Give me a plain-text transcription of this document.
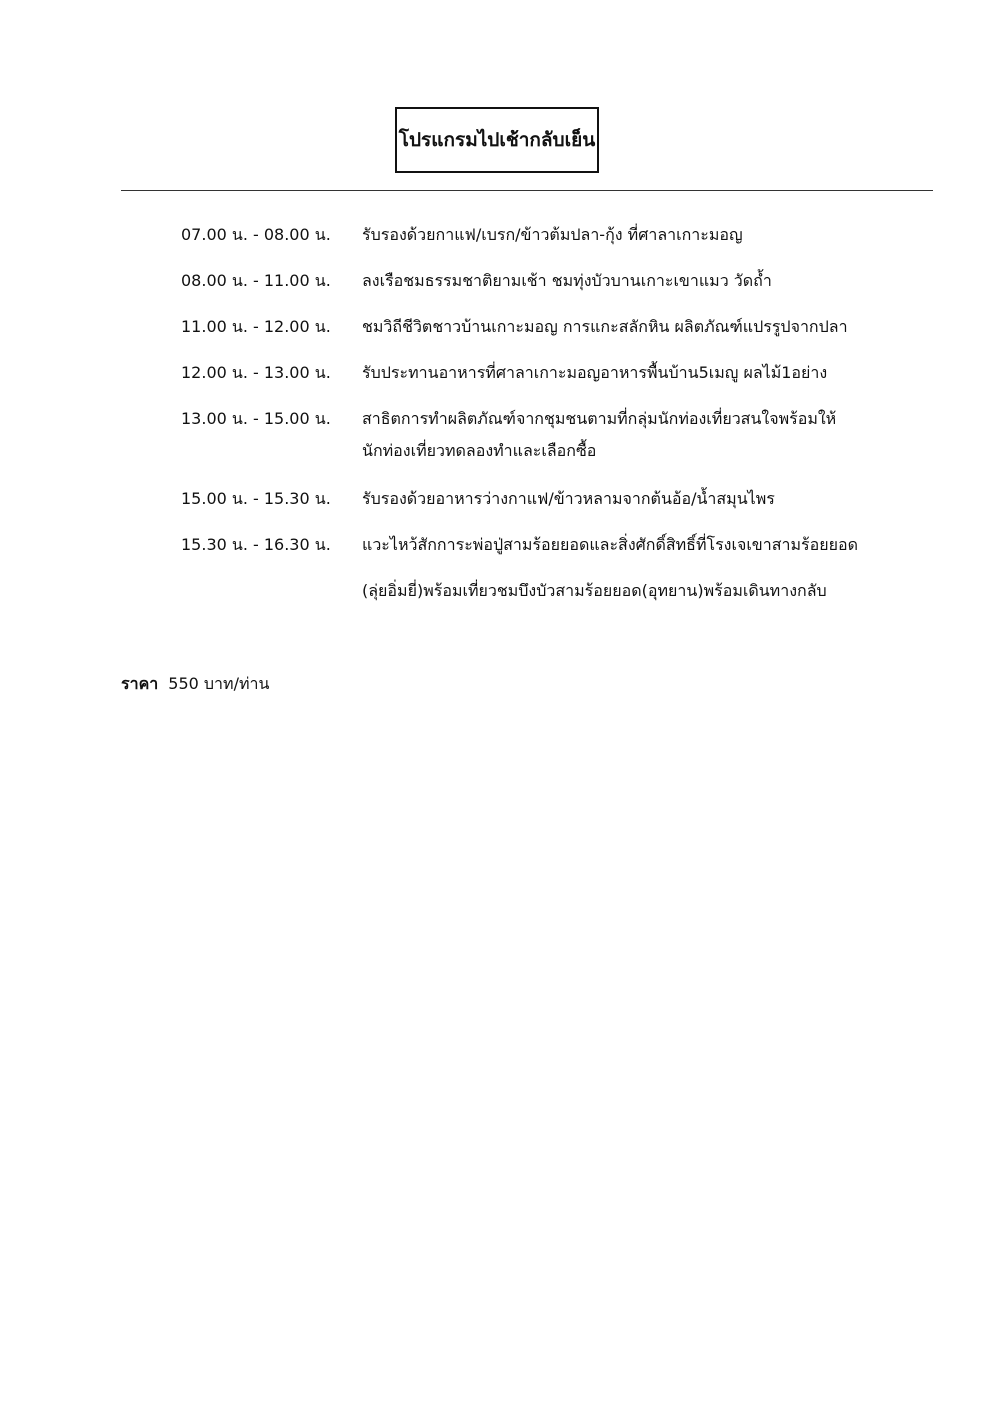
โปรแกรมไปเช้ากลับเย็น
07.00 น. - 08.00 น. รับรองด้วยกาแฟ/เบรก/ข้าวต้มปลา-กุ้ง ที่ศาลาเกาะมอญ
08.00 น. - 11.00 น. ลงเรือชมธรรมชาติยามเช้า ชมทุ่งบัวบานเกาะเขาแมว วัดถ้ำ
11.00 น. - 12.00 น. ชมวิถีชีวิตชาวบ้านเกาะมอญ การแกะสลักหิน ผลิตภัณฑ์แปรรูปจากปลา
12.00 น. - 13.00 น. รับประทานอาหารที่ศาลาเกาะมอญอาหารพื้นบ้าน5เมญู ผลไม้1อย่าง
13.00 น. - 15.00 น. สาธิตการทำผลิตภัณฑ์จากชุมชนตามที่กลุ่มนักท่องเที่ยวสนใจพร้อมให้
นักท่องเที่ยวทดลองทำและเลือกซื้อ
15.00 น. - 15.30 น. รับรองด้วยอาหารว่างกาแฟ/ข้าวหลามจากต้นอ้อ/น้ำสมุนไพร
15.30 น. - 16.30 น. แวะไหว้สักการะพ่อปู่สามร้อยยอดและสิ่งศักดิ์สิทธิ์ที่โรงเจเขาสามร้อยยอด
(ลุ่ยอิ่มยี่)พร้อมเที่ยวชมบึงบัวสามร้อยยอด(อุทยาน)พร้อมเดินทางกลับ
ราคา 550 บาท/ท่าน
